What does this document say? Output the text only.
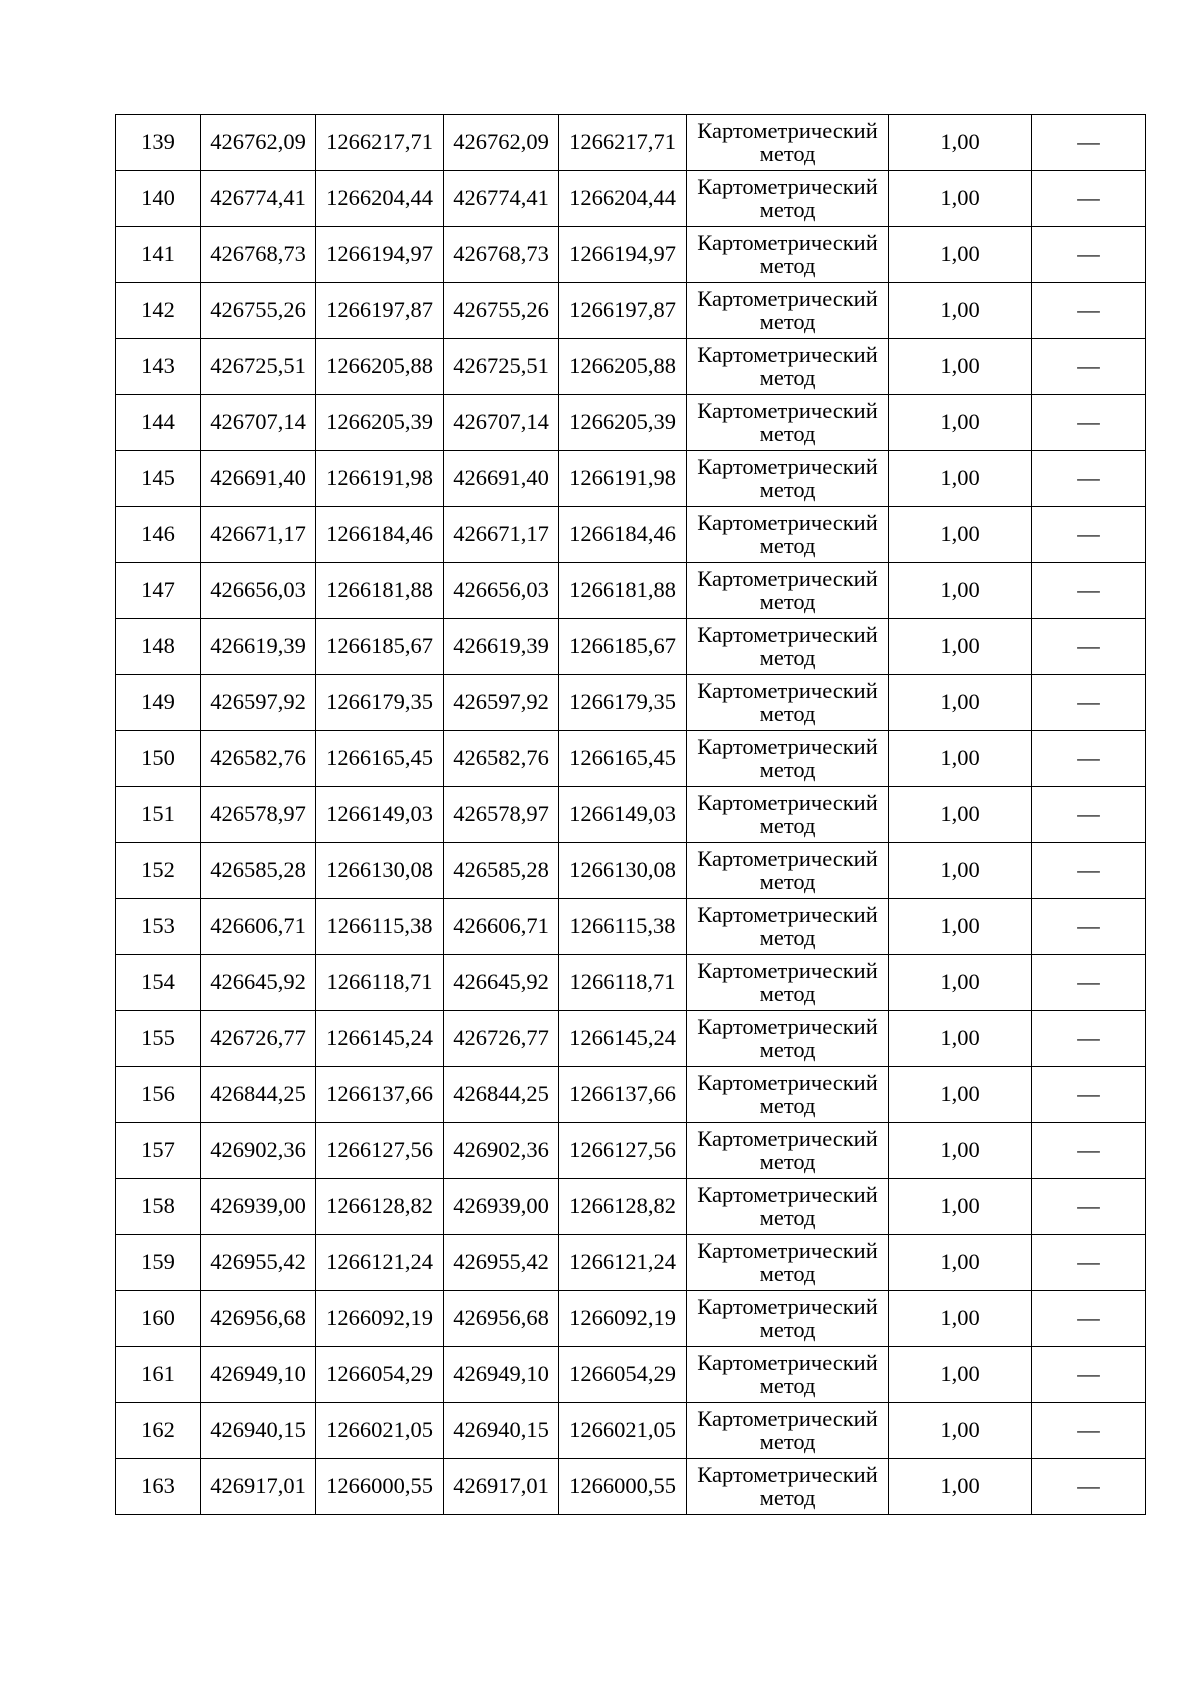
139	426762,09	1266217,71	426762,09	1266217,71	Картометрический
метод	1,00	—
140	426774,41	1266204,44	426774,41	1266204,44	Картометрический
метод	1,00	—
141	426768,73	1266194,97	426768,73	1266194,97	Картометрический
метод	1,00	—
142	426755,26	1266197,87	426755,26	1266197,87	Картометрический
метод	1,00	—
143	426725,51	1266205,88	426725,51	1266205,88	Картометрический
метод	1,00	—
144	426707,14	1266205,39	426707,14	1266205,39	Картометрический
метод	1,00	—
145	426691,40	1266191,98	426691,40	1266191,98	Картометрический
метод	1,00	—
146	426671,17	1266184,46	426671,17	1266184,46	Картометрический
метод	1,00	—
147	426656,03	1266181,88	426656,03	1266181,88	Картометрический
метод	1,00	—
148	426619,39	1266185,67	426619,39	1266185,67	Картометрический
метод	1,00	—
149	426597,92	1266179,35	426597,92	1266179,35	Картометрический
метод	1,00	—
150	426582,76	1266165,45	426582,76	1266165,45	Картометрический
метод	1,00	—
151	426578,97	1266149,03	426578,97	1266149,03	Картометрический
метод	1,00	—
152	426585,28	1266130,08	426585,28	1266130,08	Картометрический
метод	1,00	—
153	426606,71	1266115,38	426606,71	1266115,38	Картометрический
метод	1,00	—
154	426645,92	1266118,71	426645,92	1266118,71	Картометрический
метод	1,00	—
155	426726,77	1266145,24	426726,77	1266145,24	Картометрический
метод	1,00	—
156	426844,25	1266137,66	426844,25	1266137,66	Картометрический
метод	1,00	—
157	426902,36	1266127,56	426902,36	1266127,56	Картометрический
метод	1,00	—
158	426939,00	1266128,82	426939,00	1266128,82	Картометрический
метод	1,00	—
159	426955,42	1266121,24	426955,42	1266121,24	Картометрический
метод	1,00	—
160	426956,68	1266092,19	426956,68	1266092,19	Картометрический
метод	1,00	—
161	426949,10	1266054,29	426949,10	1266054,29	Картометрический
метод	1,00	—
162	426940,15	1266021,05	426940,15	1266021,05	Картометрический
метод	1,00	—
163	426917,01	1266000,55	426917,01	1266000,55	Картометрический
метод	1,00	—
